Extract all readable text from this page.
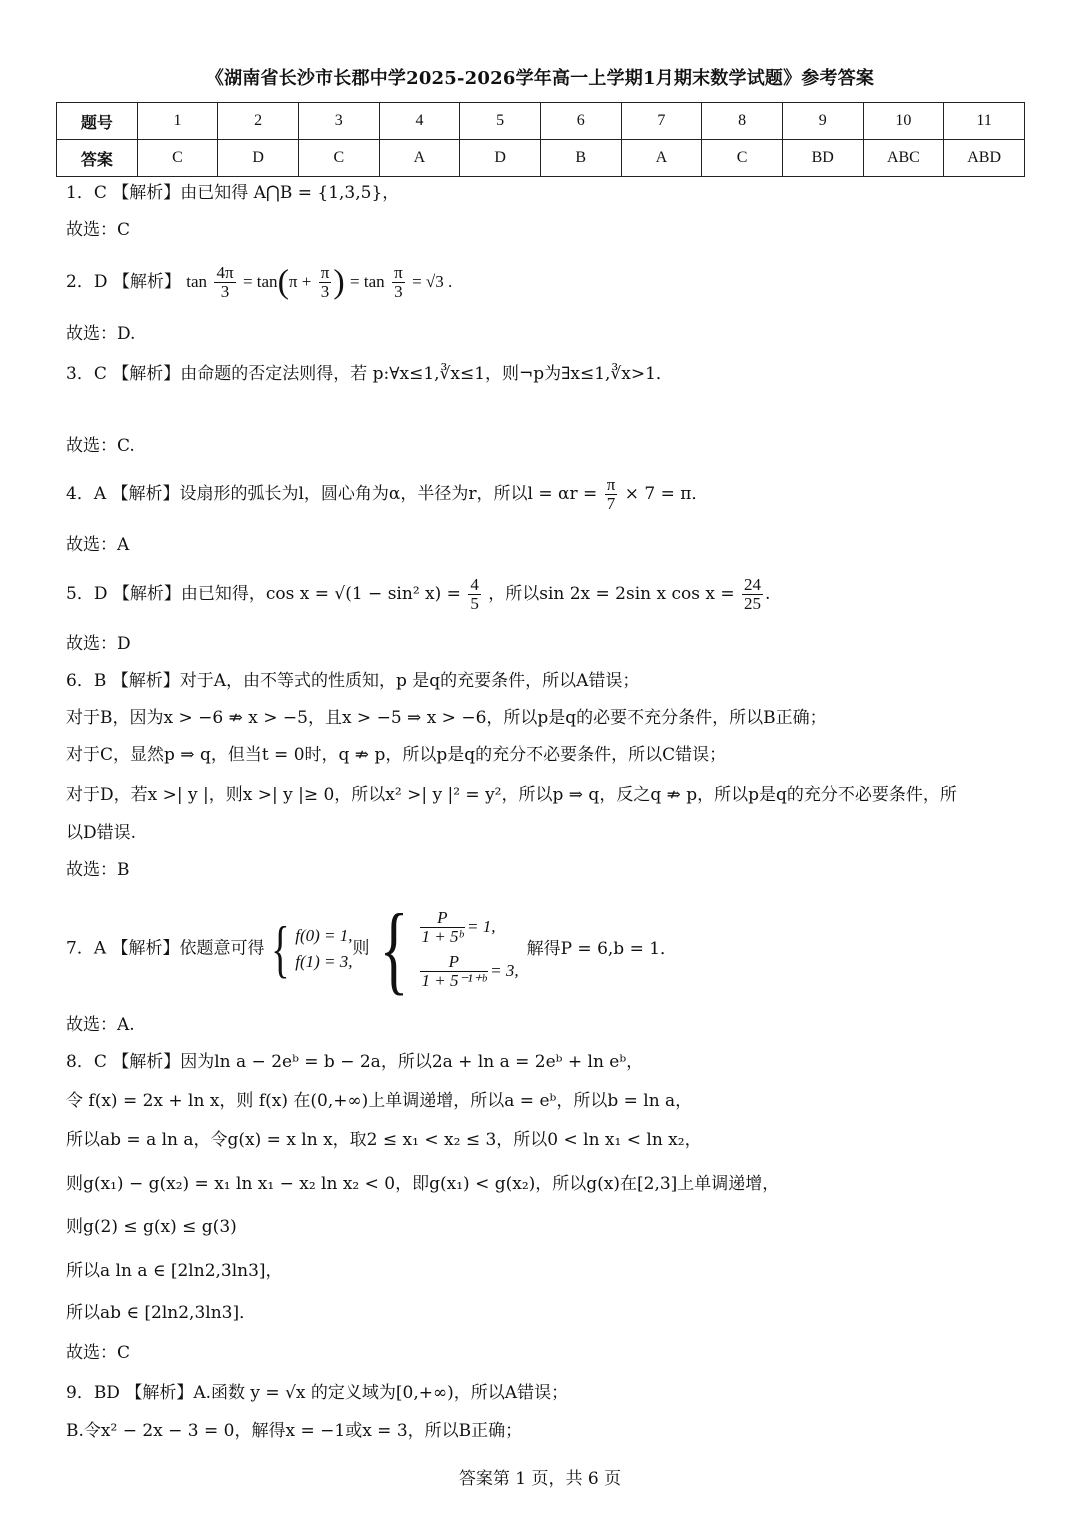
《湖南省长沙市长郡中学2025-2026学年高一上学期1月期末数学试题》参考答案
题号	1	2	3	4	5	6	7	8	9	10	11
答案	C	D	C	A	D	B	A	C	BD	ABC	ABD
1．C 【解析】由已知得 A⋂B = {1,3,5}，
故选：C
2．D 【解析】 $\tan \frac{4\pi}{3} = \tan(\pi + \frac{\pi}{3}$ ) = $\tan \frac{\pi}{3} = √3$ .
故选：D.
3．C 【解析】由命题的否定法则得，若 p:∀x≤1,∛x≤1，则¬p为∃x≤1,∛x>1．
故选：C.
4．A 【解析】设扇形的弧长为l，圆心角为α，半径为r，所以$l = \alpha r = \frac{\pi}{7} \times 7 = \pi$．
故选：A
5．D 【解析】由已知得，cos x = √(1 − sin² $x) = \frac{4}{5}$ ，所以sin 2x = 2sin x $\cos x = \frac{24}{25}$ .
故选：D
6．B 【解析】对于A，由不等式的性质知，p 是q的充要条件，所以A错误；
对于B，因为x > −6 ⇏ x > −5，且x > −5 ⇒ x > −6，所以p是q的必要不充分条件，所以B正确；
对于C，显然p ⇒ q，但当t = 0时，q ⇏ p，所以p是q的充分不必要条件，所以C错误；
对于D，若x >| y |，则x >| y |≥ 0，所以x² >| y |² = y²，所以p ⇒ q，反之q ⇏ p，所以p是q的充分不必要条件，所
以D错误.
故选：B
7．A 【解析】依题意可得{ f(0) = 1,
f(1) = 3,
则{ $\frac{P}{\text{1 + 5ᵇ}} = 1$,
$\frac{P}{\text{1 + 5⁻¹⁺ᵇ}} = 3$,
解得P = 6,b = 1．
故选：A.
8．C 【解析】因为ln a − 2eᵇ = b − 2a，所以2a + ln a = 2eᵇ + ln eᵇ，
令 f(x) = 2x + ln x，则 f(x) 在(0,+∞)上单调递增，所以a = eᵇ，所以b = ln a，
所以ab = a ln a，令g(x) = x ln x，取2 ≤ x₁ < x₂ ≤ 3，所以0 < ln x₁ < ln x₂，
则g(x₁) − g(x₂) = x₁ ln x₁ − x₂ ln x₂ < 0，即g(x₁) < g(x₂)，所以g(x)在[2,3]上单调递增，
则g(2) ≤ g(x) ≤ g(3)
所以a ln a ∈ [2ln2,3ln3]，
所以ab ∈ [2ln2,3ln3]．
故选：C
9．BD 【解析】A.函数 y = √x 的定义域为[0,+∞)，所以A错误；
B.令x² − 2x − 3 = 0，解得x = −1或x = 3，所以B正确；
答案第 1 页，共 6 页
